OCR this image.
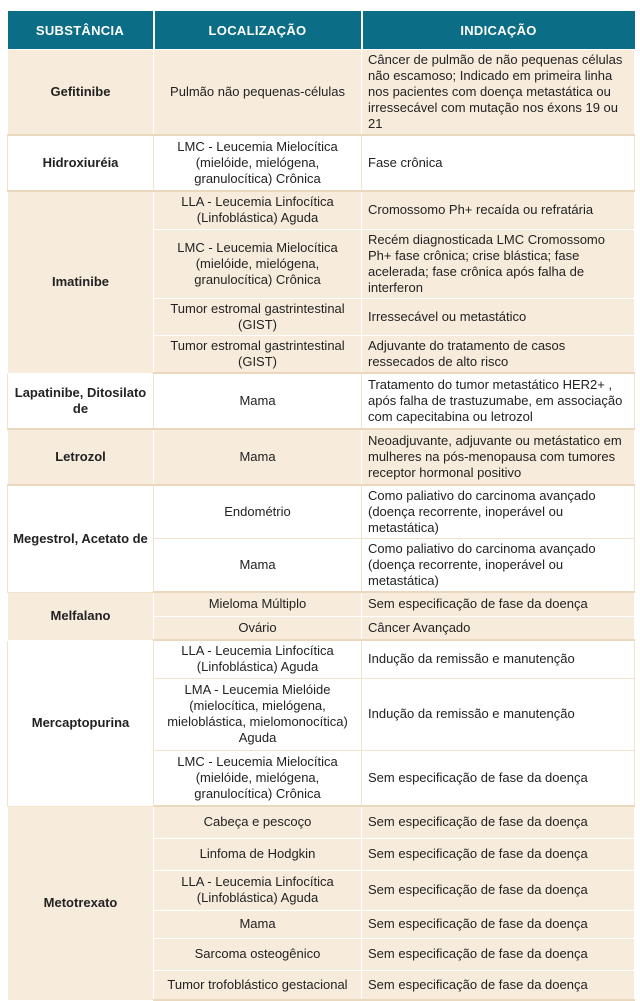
SUBSTÂNCIA	LOCALIZAÇÃO	INDICAÇÃO
Gefitinibe	Pulmão não pequenas-células	Câncer de pulmão de não pequenas células não escamoso; Indicado em primeira linha nos pacientes com doença metastática ou irressecável com mutação nos éxons 19 ou 21
Hidroxiuréia	LMC - Leucemia Mielocítica (mielóide, mielógena, granulocítica) Crônica	Fase crônica
Imatinibe	LLA - Leucemia Linfocítica (Linfoblástica) Aguda	Cromossomo Ph+ recaída ou refratária
	LMC - Leucemia Mielocítica (mielóide, mielógena, granulocítica) Crônica	Recém diagnosticada LMC Cromossomo Ph+ fase crônica; crise blástica; fase acelerada; fase crônica após falha de interferon
	Tumor estromal gastrintestinal (GIST)	Irressecável ou metastático
	Tumor estromal gastrintestinal (GIST)	Adjuvante do tratamento de casos ressecados de alto risco
Lapatinibe, Ditosilato de	Mama	Tratamento do tumor metastático HER2+ , após falha de trastuzumabe, em associação com capecitabina ou letrozol
Letrozol	Mama	Neoadjuvante, adjuvante ou metástatico em mulheres na pós-menopausa com tumores receptor hormonal positivo
Megestrol, Acetato de	Endométrio	Como paliativo do carcinoma avançado (doença recorrente, inoperável ou metastática)
	Mama	Como paliativo do carcinoma avançado (doença recorrente, inoperável ou metastática)
Melfalano	Mieloma Múltiplo	Sem especificação de fase da doença
	Ovário	Câncer Avançado
Mercaptopurina	LLA - Leucemia Linfocítica (Linfoblástica) Aguda	Indução da remissão e manutenção
	LMA - Leucemia Mielóide (mielocítica, mielógena, mieloblástica, mielomonocítica) Aguda	Indução da remissão e manutenção
	LMC - Leucemia Mielocítica (mielóide, mielógena, granulocítica) Crônica	Sem especificação de fase da doença
Metotrexato	Cabeça e pescoço	Sem especificação de fase da doença
	Linfoma de Hodgkin	Sem especificação de fase da doença
	LLA - Leucemia Linfocítica (Linfoblástica) Aguda	Sem especificação de fase da doença
	Mama	Sem especificação de fase da doença
	Sarcoma osteogênico	Sem especificação de fase da doença
	Tumor trofoblástico gestacional	Sem especificação de fase da doença
